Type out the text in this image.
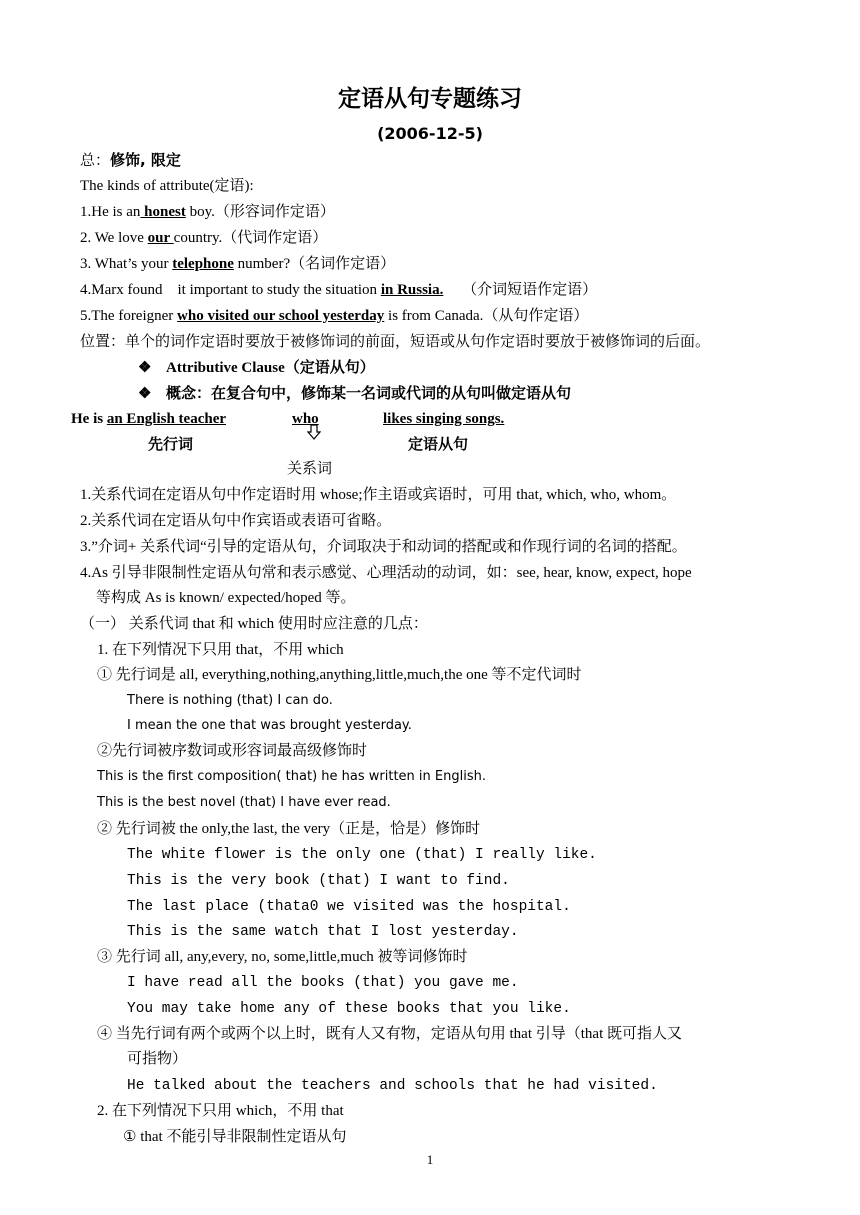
定语从句专题练习
(2006-12-5)
总：修饰, 限定
The kinds of attribute(定语):
1.He is an honest boy.（形容词作定语）
2. We love our country.（代词作定语）
3. What’s your telephone number?（名词作定语）
4.Marx found    it important to study the situation in Russia.     （介词短语作定语）
5.The foreigner who visited our school yesterday is from Canada.（从句作定语）
位置：单个的词作定语时要放于被修饰词的前面，短语或从句作定语时要放于被修饰词的后面。
❖ Attributive Clause（定语从句）
❖ 概念：在复合句中，修饰某一名词或代词的从句叫做定语从句
He is an English teacher	who	likes singing songs.
先行词	定语从句
关系词
1.关系代词在定语从句中作定语时用 whose;作主语或宾语时，可用 that, which, who, whom。
2.关系代词在定语从句中作宾语或表语可省略。
3.”介词+ 关系代词“引导的定语从句，介词取决于和动词的搭配或和作现行词的名词的搭配。
4.As 引导非限制性定语从句常和表示感觉、心理活动的动词，如：see, hear, know, expect, hope
等构成 As is known/ expected/hoped 等。
（一） 关系代词 that 和 which 使用时应注意的几点：
1. 在下列情况下只用 that，不用 which
① 先行词是 all, everything,nothing,anything,little,much,the one 等不定代词时
There is nothing (that) I can do.
I mean the one that was brought yesterday.
②先行词被序数词或形容词最高级修饰时
This is the first composition( that) he has written in English.
This is the best novel (that) I have ever read.
② 先行词被 the only,the last, the very（正是，恰是）修饰时
The white flower is the only one (that) I really like.
This is the very book (that) I want to find.
The last place (thata0 we visited was the hospital.
This is the same watch that I lost yesterday.
③ 先行词 all, any,every, no, some,little,much 被等词修饰时
I have read all the books (that) you gave me.
You may take home any of these books that you like.
④ 当先行词有两个或两个以上时，既有人又有物，定语从句用 that 引导（that 既可指人又
可指物）
He talked about the teachers and schools that he had visited.
2. 在下列情况下只用 which，不用 that
① that 不能引导非限制性定语从句
1
